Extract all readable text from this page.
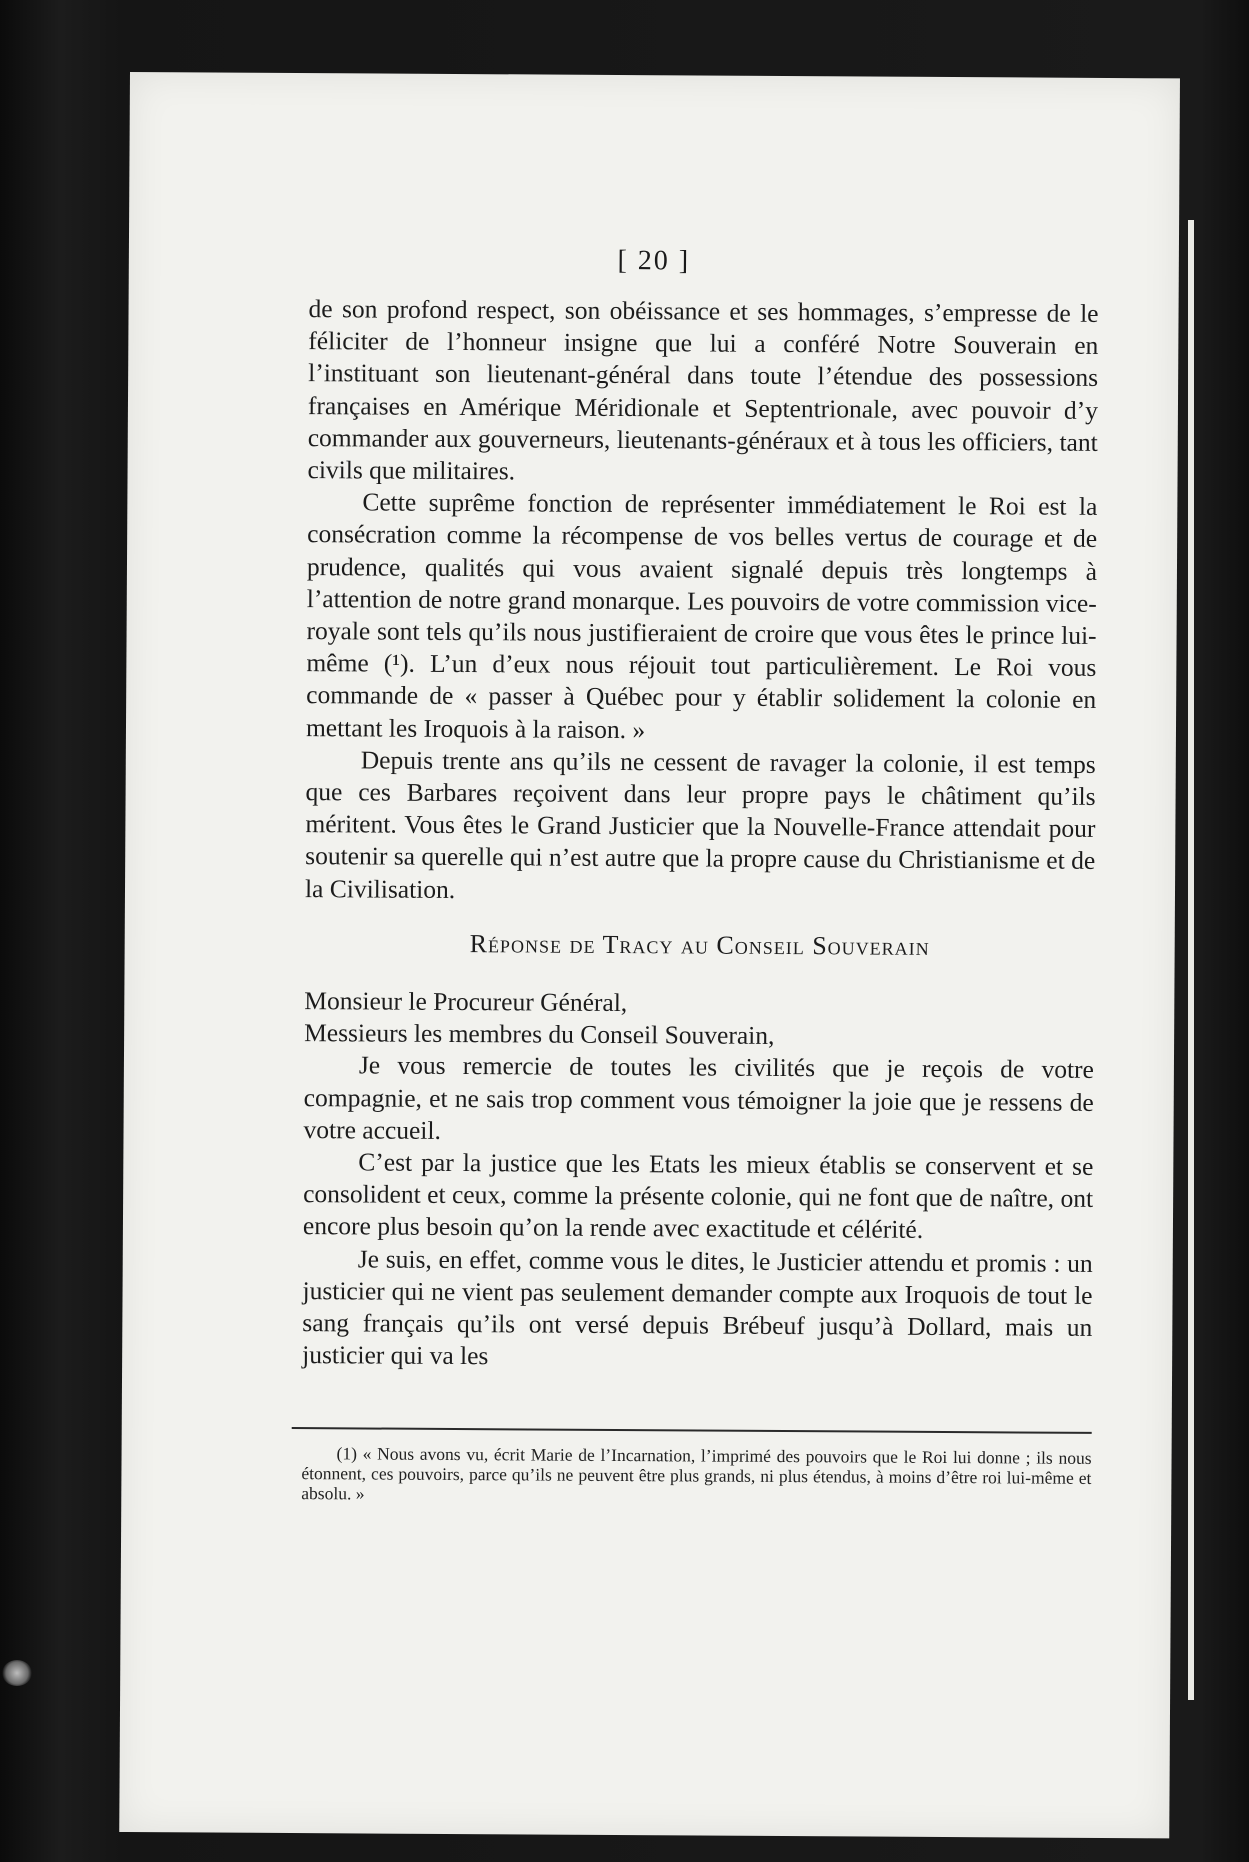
[ 20 ]

de son profond respect, son obéissance et ses hommages, s’empresse de le féliciter de l’honneur insigne que lui a conféré Notre Souverain en l’instituant son lieutenant-général dans toute l’étendue des possessions françaises en Amérique Méridionale et Septentrionale, avec pouvoir d’y commander aux gouverneurs, lieutenants-généraux et à tous les officiers, tant civils que militaires.

Cette suprême fonction de représenter immédiatement le Roi est la consécration comme la récompense de vos belles vertus de courage et de prudence, qualités qui vous avaient signalé depuis très longtemps à l’attention de notre grand monarque. Les pouvoirs de votre commission vice-royale sont tels qu’ils nous justifieraient de croire que vous êtes le prince lui-même (¹). L’un d’eux nous réjouit tout particulièrement. Le Roi vous commande de « passer à Québec pour y établir solidement la colonie en mettant les Iroquois à la raison. »

Depuis trente ans qu’ils ne cessent de ravager la colonie, il est temps que ces Barbares reçoivent dans leur propre pays le châtiment qu’ils méritent. Vous êtes le Grand Justicier que la Nouvelle-France attendait pour soutenir sa querelle qui n’est autre que la propre cause du Christianisme et de la Civilisation.

Réponse de Tracy au Conseil Souverain

Monsieur le Procureur Général,

Messieurs les membres du Conseil Souverain,

Je vous remercie de toutes les civilités que je reçois de votre compagnie, et ne sais trop comment vous témoigner la joie que je ressens de votre accueil.

C’est par la justice que les Etats les mieux établis se conservent et se consolident et ceux, comme la présente colonie, qui ne font que de naître, ont encore plus besoin qu’on la rende avec exactitude et célérité.

Je suis, en effet, comme vous le dites, le Justicier attendu et promis : un justicier qui ne vient pas seulement demander compte aux Iroquois de tout le sang français qu’ils ont versé depuis Brébeuf jusqu’à Dollard, mais un justicier qui va les

(1) « Nous avons vu, écrit Marie de l’Incarnation, l’imprimé des pouvoirs que le Roi lui donne ; ils nous étonnent, ces pouvoirs, parce qu’ils ne peuvent être plus grands, ni plus étendus, à moins d’être roi lui-même et absolu. »
